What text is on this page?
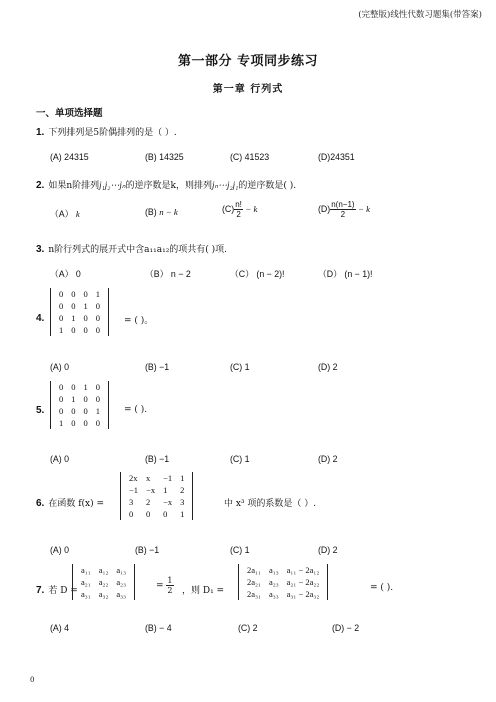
(完整版)线性代数习题集(带答案)
第一部分 专项同步练习
第一章 行列式
一、单项选择题
1. 下列排列是5阶偶排列的是（ ）.
(A) 24315	(B) 14325	(C) 41523	(D)24351
2. 如果n阶排列j₁j₂⋯jₙ的逆序数是k，则排列jₙ⋯j₂j₁的逆序数是( ).
（A） k	(B) n − k	$(C) \frac{n!}{2} - k$	$(D) \frac{n(n-1)}{2} - k$
3. n阶行列式的展开式中含a₁₁a₁₂的项共有( )项.
（A） 0	（B） n − 2	（C） (n − 2)!	（D） (n − 1)!
4.
0	0	0	1
0	0	1	0
0	1	0	0
1	0	0	0
= ( )。
(A) 0	(B) −1	(C) 1	(D) 2
5.
0	0	1	0
0	1	0	0
0	0	0	1
1	0	0	0
= ( ).
(A) 0	(B) −1	(C) 1	(D) 2
6. 在函数 f(x) =
2x	x	−1	1
−1	−x	1	2
3	2	−x	3
0	0	0	1
中 x³ 项的系数是（ ）.
(A) 0	(B) −1	(C) 1	(D) 2
7. 若 D =
a₁₁	a₁₂	a₁₃
a₂₁	a₂₂	a₂₃
a₃₁	a₃₂	a₃₃
= $\frac{1}{2}$ ，则 D₁ =
2a₁₁	a₁₃	a₁₁ − 2a₁₂
2a₂₁	a₂₃	a₂₁ − 2a₂₂
2a₃₁	a₃₃	a₃₁ − 2a₃₂
= ( ).
(A) 4	(B) − 4	(C) 2	(D) − 2
0
